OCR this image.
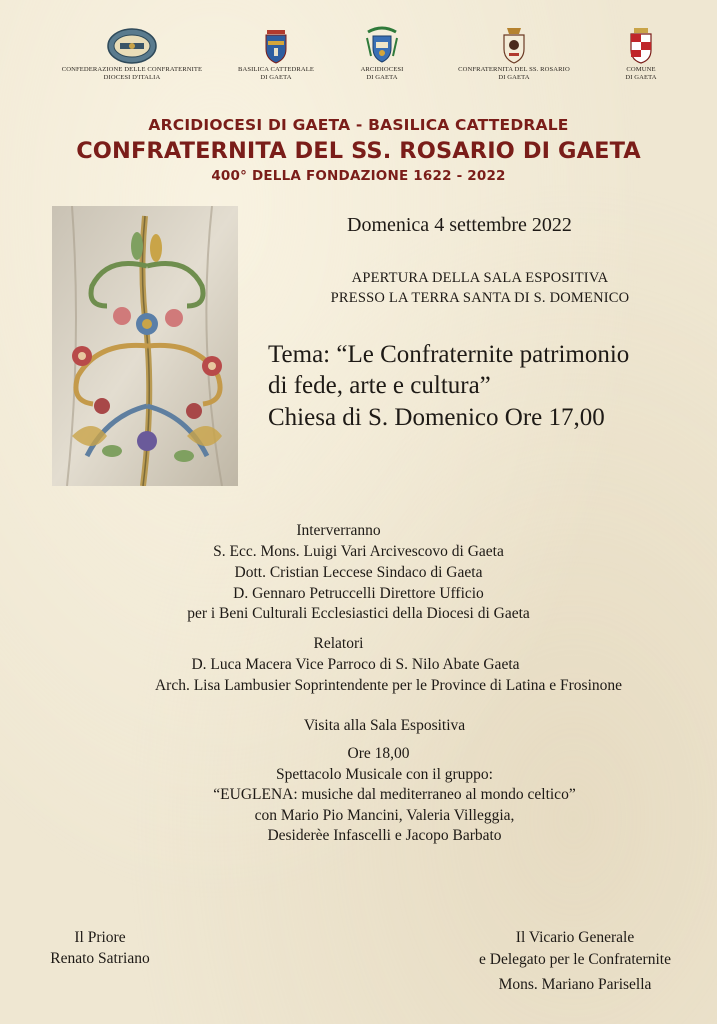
CONFEDERAZIONE DELLE CONFRATERNITE
DIOCESI D'ITALIA
BASILICA CATTEDRALE
DI GAETA
ARCIDIOCESI
DI GAETA
CONFRATERNITA DEL SS. ROSARIO
DI GAETA
COMUNE
DI GAETA
ARCIDIOCESI DI GAETA - BASILICA CATTEDRALE
CONFRATERNITA DEL SS. ROSARIO DI GAETA
400° DELLA FONDAZIONE 1622 - 2022
Domenica 4 settembre 2022
APERTURA DELLA SALA ESPOSITIVA
PRESSO LA TERRA SANTA DI S. DOMENICO
Tema: “Le Confraternite patrimonio
di fede, arte e cultura”
Chiesa di S. Domenico Ore 17,00
Interverranno
S. Ecc. Mons. Luigi Vari Arcivescovo di Gaeta
Dott. Cristian Leccese Sindaco di Gaeta
D. Gennaro Petruccelli Direttore Ufficio
per i Beni Culturali Ecclesiastici della Diocesi di Gaeta
Relatori
D. Luca Macera Vice Parroco di S. Nilo Abate Gaeta
Arch. Lisa Lambusier Soprintendente per le Province di Latina e Frosinone
Visita alla Sala Espositiva
Ore 18,00
Spettacolo Musicale con il gruppo:
“EUGLENA: musiche dal mediterraneo al mondo celtico”
con Mario Pio Mancini, Valeria Villeggia,
Desiderèe Infascelli e Jacopo Barbato
Il Priore
Renato Satriano
Il Vicario Generale
e Delegato per le Confraternite
Mons. Mariano Parisella
